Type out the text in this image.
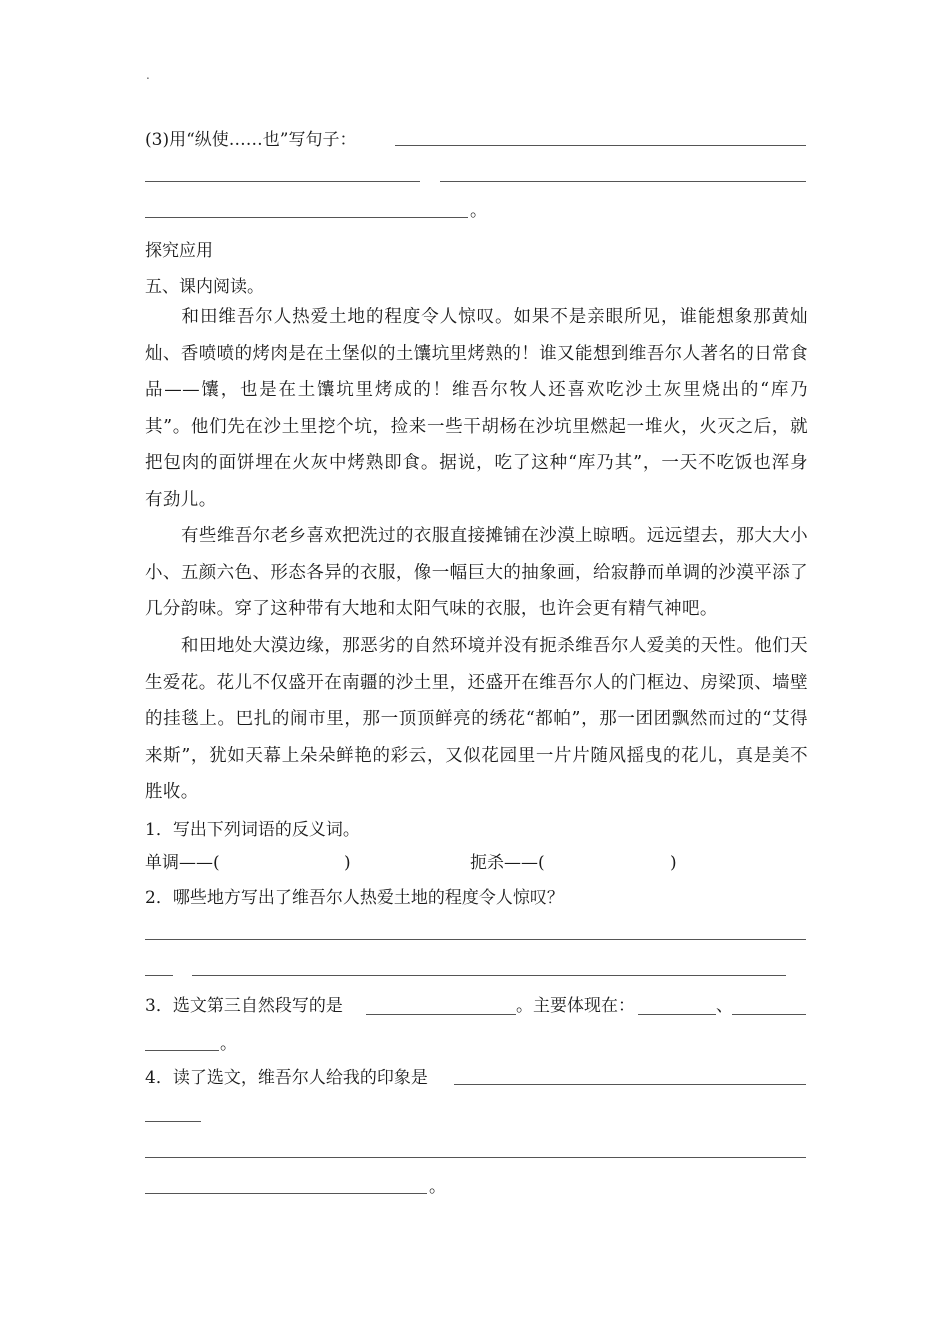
.
(3)用“纵使……也”写句子：
。
探究应用
五、课内阅读。
和田维吾尔人热爱土地的程度令人惊叹。如果不是亲眼所见，谁能想象那黄灿灿、香喷喷的烤肉是在土堡似的土馕坑里烤熟的！谁又能想到维吾尔人著名的日常食品——馕，也是在土馕坑里烤成的！维吾尔牧人还喜欢吃沙土灰里烧出的“库乃其”。他们先在沙土里挖个坑，捡来一些干胡杨在沙坑里燃起一堆火，火灭之后，就把包肉的面饼埋在火灰中烤熟即食。据说，吃了这种“库乃其”，一天不吃饭也浑身有劲儿。
有些维吾尔老乡喜欢把洗过的衣服直接摊铺在沙漠上晾晒。远远望去，那大大小小、五颜六色、形态各异的衣服，像一幅巨大的抽象画，给寂静而单调的沙漠平添了几分韵味。穿了这种带有大地和太阳气味的衣服，也许会更有精气神吧。
和田地处大漠边缘，那恶劣的自然环境并没有扼杀维吾尔人爱美的天性。他们天生爱花。花儿不仅盛开在南疆的沙土里，还盛开在维吾尔人的门框边、房梁顶、墙壁的挂毯上。巴扎的闹市里，那一顶顶鲜亮的绣花“都帕”，那一团团飘然而过的“艾得来斯”，犹如天幕上朵朵鲜艳的彩云，又似花园里一片片随风摇曳的花儿，真是美不胜收。
1．写出下列词语的反义词。
单调——(	)	扼杀——(	)
2．哪些地方写出了维吾尔人热爱土地的程度令人惊叹？
3．选文第三自然段写的是	。主要体现在：	、
。
4．读了选文，维吾尔人给我的印象是
。
